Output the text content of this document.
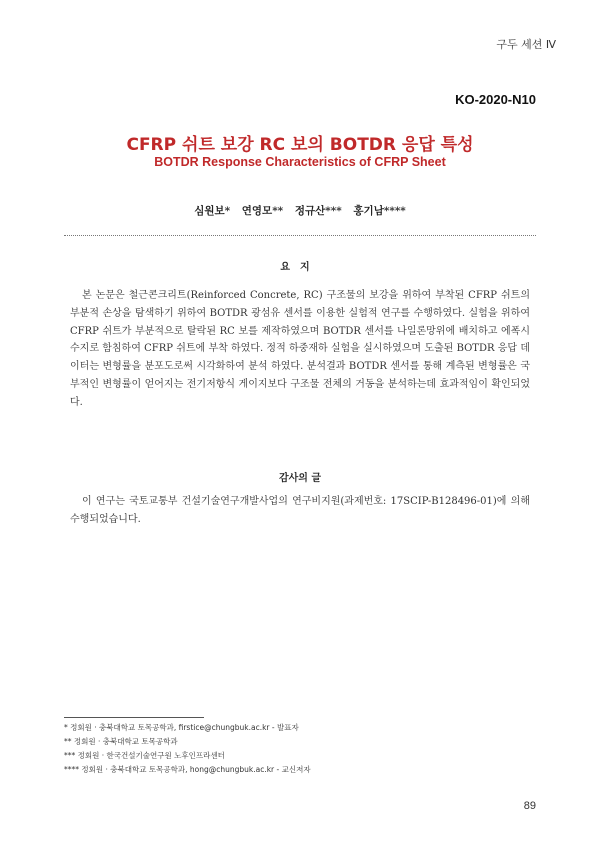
구두 세션 Ⅳ
KO-2020-N10
CFRP 쉬트 보강 RC 보의 BOTDR 응답 특성
BOTDR Response Characteristics of CFRP Sheet
심원보* 연영모** 정규산*** 홍기남****
요지
본 논문은 철근콘크리트(Reinforced Concrete, RC) 구조물의 보강을 위하여 부착된 CFRP 쉬트의 부분적 손상을 탐색하기 위하여 BOTDR 광섬유 센서를 이용한 실험적 연구를 수행하였다. 실험을 위하여 CFRP 쉬트가 부분적으로 탈락된 RC 보를 제작하였으며 BOTDR 센서를 나일론망위에 배치하고 에폭시수지로 함침하여 CFRP 쉬트에 부착 하였다. 정적 하중재하 실험을 실시하였으며 도출된 BOTDR 응답 데이터는 변형률을 분포도로써 시각화하여 분석 하였다. 분석결과 BOTDR 센서를 통해 계측된 변형률은 국부적인 변형률이 얻어지는 전기저항식 게이지보다 구조물 전체의 거동을 분석하는데 효과적임이 확인되었다.
감사의 글
이 연구는 국토교통부 건설기술연구개발사업의 연구비지원(과제번호: 17SCIP-B128496-01)에 의해 수행되었습니다.
* 정회원 · 충북대학교 토목공학과, firstice@chungbuk.ac.kr - 발표자
** 정회원 · 충북대학교 토목공학과
*** 정회원 · 한국건설기술연구원 노후인프라센터
**** 정회원 · 충북대학교 토목공학과, hong@chungbuk.ac.kr - 교신저자
89
